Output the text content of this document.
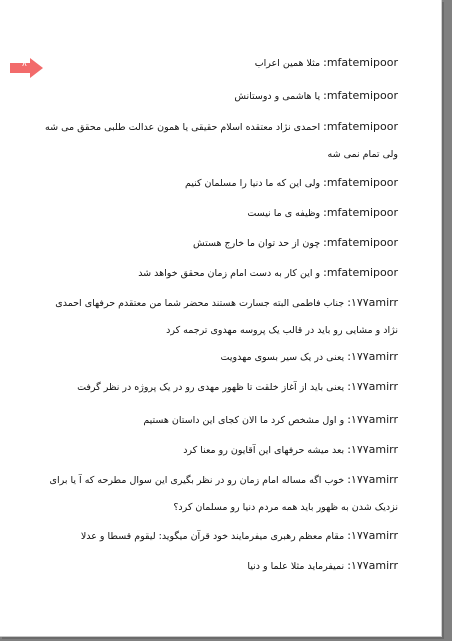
۸	mfatemipoor: مثلا همین اعراب
mfatemipoor: یا هاشمی و دوستانش
mfatemipoor: احمدی نژاد معتقده اسلام حقیقی یا همون عدالت طلبی محقق می شه ولی تمام نمی شه
mfatemipoor: ولی این که ما دنیا را مسلمان کنیم
mfatemipoor: وظیفه ی ما نیست
mfatemipoor: چون از حد توان ما خارج هستش
mfatemipoor: و این کار به دست امام زمان محقق خواهد شد
۱۷۷amirr: جناب فاطمی البته جسارت هستند محضر شما من معتقدم حرفهای احمدی نژاد و مشایی رو باید در قالب یک پروسه مهدوی ترجمه کرد
۱۷۷amirr: یعنی در یک سیر بسوی مهدویت
۱۷۷amirr: یعنی باید از آغاز خلقت تا ظهور مهدی رو در یک پروژه در نظر گرفت
۱۷۷amirr: و اول مشخص کرد ما الان کجای این داستان هستیم
۱۷۷amirr: بعد میشه حرفهای این آقایون رو معنا کرد
۱۷۷amirr: خوب اگه مساله امام زمان رو در نظر بگیری این سوال مطرحه که آ یا برای نزدیک شدن به ظهور باید همه مردم دنیا رو مسلمان کرد؟
۱۷۷amirr: مقام معظم رهبری میفرمایند خود قرآن میگوید: لیقوم قسطا و عدلا
۱۷۷amirr: نمیفرماید مثلا علما و دنیا
